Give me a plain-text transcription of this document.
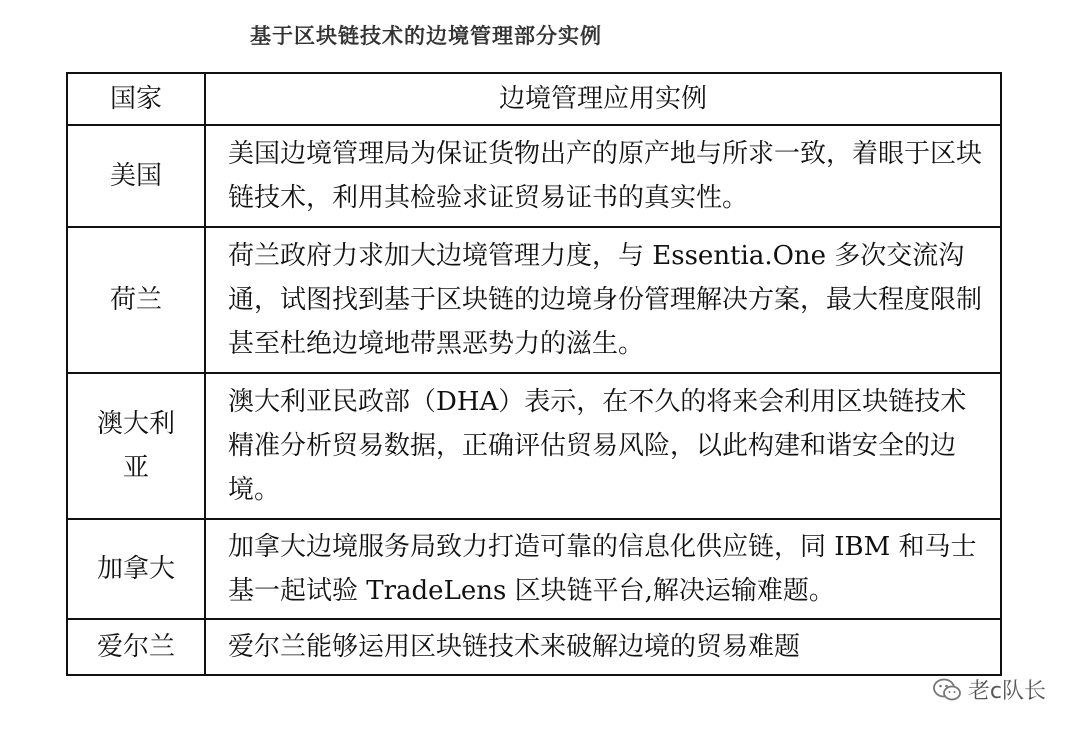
基于区块链技术的边境管理部分实例
国家	边境管理应用实例
美国	美国边境管理局为保证货物出产的原产地与所求一致，着眼于区块链技术，利用其检验求证贸易证书的真实性。
荷兰	荷兰政府力求加大边境管理力度，与 Essentia.One 多次交流沟通，试图找到基于区块链的边境身份管理解决方案，最大程度限制甚至杜绝边境地带黑恶势力的滋生。
澳大利亚	澳大利亚民政部（DHA）表示，在不久的将来会利用区块链技术精准分析贸易数据，正确评估贸易风险，以此构建和谐安全的边境。
加拿大	加拿大边境服务局致力打造可靠的信息化供应链，同 IBM 和马士基一起试验 TradeLens 区块链平台,解决运输难题。
爱尔兰	爱尔兰能够运用区块链技术来破解边境的贸易难题
老c队长
